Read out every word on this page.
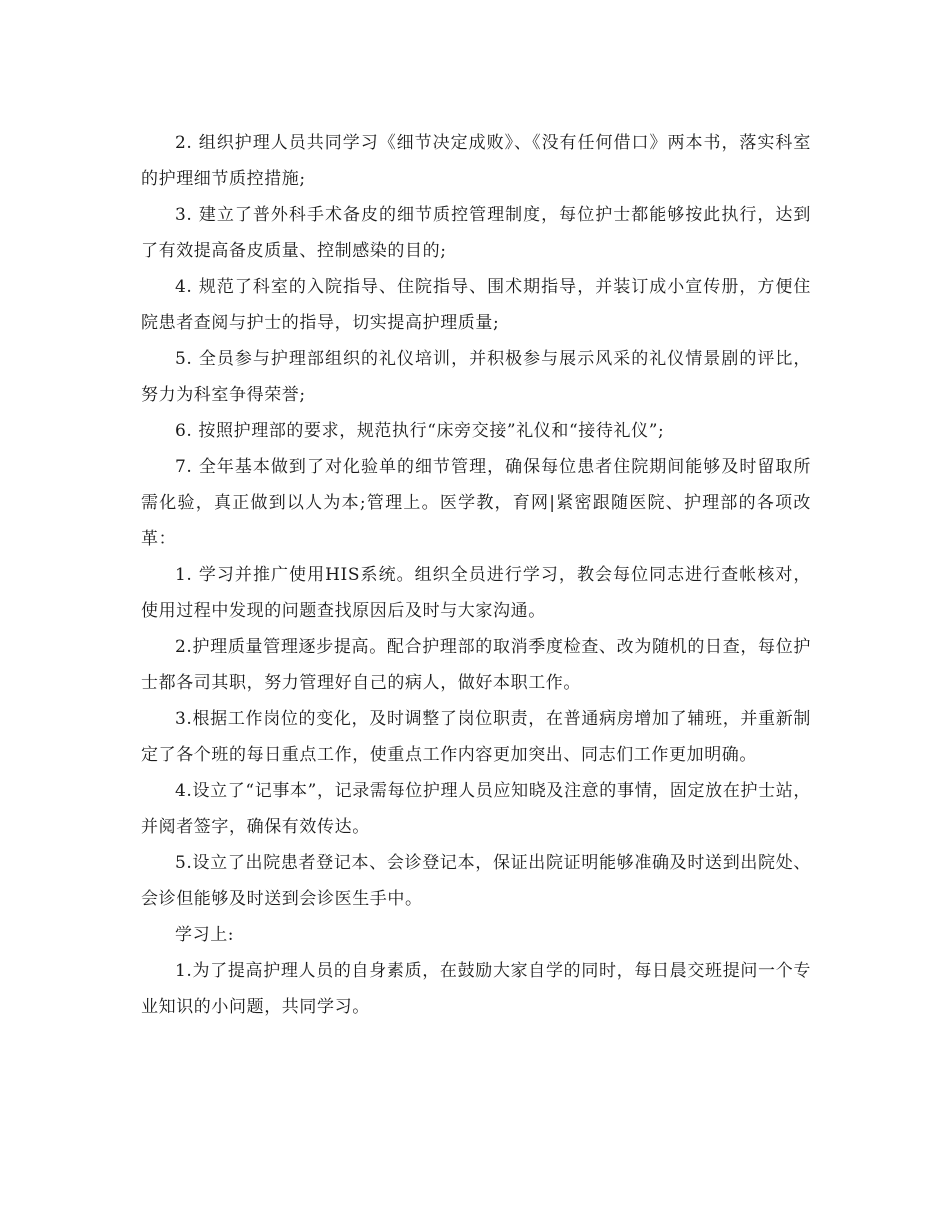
2. 组织护理人员共同学习《细节决定成败》、《没有任何借口》两本书，落实科室的护理细节质控措施;

3. 建立了普外科手术备皮的细节质控管理制度，每位护士都能够按此执行，达到了有效提高备皮质量、控制感染的目的;

4. 规范了科室的入院指导、住院指导、围术期指导，并装订成小宣传册，方便住院患者查阅与护士的指导，切实提高护理质量;

5. 全员参与护理部组织的礼仪培训，并积极参与展示风采的礼仪情景剧的评比，努力为科室争得荣誉;

6. 按照护理部的要求，规范执行“床旁交接”礼仪和“接待礼仪”;

7. 全年基本做到了对化验单的细节管理，确保每位患者住院期间能够及时留取所需化验，真正做到以人为本;管理上。医学教，育网|紧密跟随医院、护理部的各项改革：

1. 学习并推广使用HIS系统。组织全员进行学习，教会每位同志进行查帐核对，使用过程中发现的问题查找原因后及时与大家沟通。

2.护理质量管理逐步提高。配合护理部的取消季度检查、改为随机的日查，每位护士都各司其职，努力管理好自己的病人，做好本职工作。

3.根据工作岗位的变化，及时调整了岗位职责，在普通病房增加了辅班，并重新制定了各个班的每日重点工作，使重点工作内容更加突出、同志们工作更加明确。

4.设立了“记事本”，记录需每位护理人员应知晓及注意的事情，固定放在护士站，并阅者签字，确保有效传达。

5.设立了出院患者登记本、会诊登记本，保证出院证明能够准确及时送到出院处、会诊但能够及时送到会诊医生手中。

学习上:

1.为了提高护理人员的自身素质，在鼓励大家自学的同时，每日晨交班提问一个专业知识的小问题，共同学习。
